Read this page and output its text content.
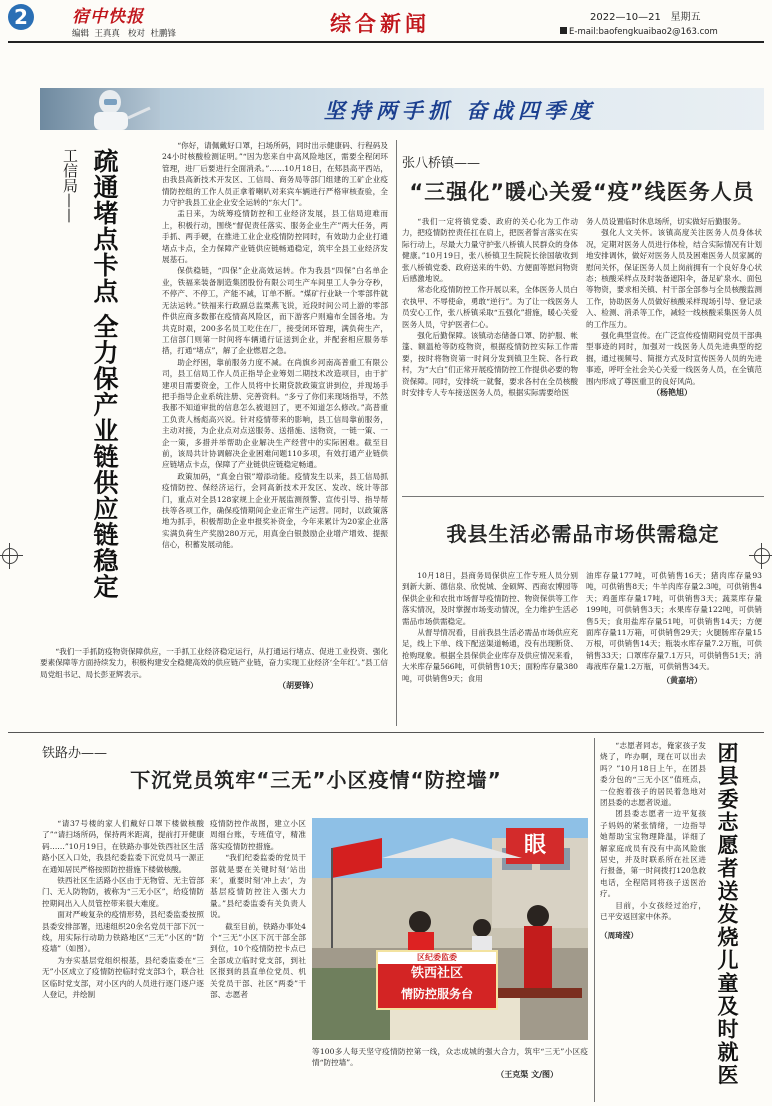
2	宿中快报
编辑 王真真 校对 杜鹏锋	综合新闻	2022—10—21 星期五
E-mail:baofengkuaibao2@163.com
坚持两手抓 奋战四季度
工信局—— 疏通堵点卡点 全力保产业链供应链稳定

“你好，请佩戴好口罩，扫场所码，同时出示健康码、行程码及24小时核酸检测证明。”“因为您来自中高风险地区，需要全程闭环管理，进厂后要进行全面消杀。”……10月18日，在郏县高平西站，由我县高新技术开发区、工信局、商务局等部门组建的工矿企业疫情防控组的工作人员正拿着喇叭对来宾车辆进行严格审核查验，全力守护我县工业企业安全运转的“东大门”。

盂日来，为统筹疫情防控和工业经济发展，县工信局迎难而上，积极行动，围绕“督促责任落实、服务企业生产”两大任务，两手抓、两手硬，在推进工业企业疫情防控同时，有效助力企业打通堵点卡点，全力保障产业链供应链畅通稳定，筑牢全县工业经济发展基石。

保供稳链，“四保”企业高效运转。作为我县“四保”白名单企业，铁福来装备制造集团股份有限公司生产车间里工人争分夺秒，不停产、不停工，产能不减，订单不断。“煤矿行业缺一个零部件就无法运转。”铁福来行政副总监栗燕飞说，近段时间公司上游的零部件供应商多数都在疫情高风险区，而下游客户则遍布全国各地。为共克时艰，200多名员工吃住在厂，接受闭环管理，满负荷生产，工信部门则第一时间将车辆通行证送到企业，并配套相应服务举措，打通“堵点”，解了企业燃眉之急。

助企纾困，靠前服务力度不减。在尚旗乡河南高普重工有限公司，县工信局工作人员正指导企业筹划二期技术改造项目，由于扩建项目需要资金，工作人员将中长期贷款政策宣讲到位，并现场手把手指导企业系统注册、完善资料。“多亏了你们来现场指导，不然我都不知道审批的信息怎么被退回了，更不知道怎么修改。”高普重工负责人杨彪高兴说。针对疫情带来的影响，县工信局靠前服务，主动对接，为企业点对点送服务、送措施、送物资，一链一策、一企一策，多措并举帮助企业解决生产经营中的实际困难。截至目前，该局共计协调解决企业困难问题110多项，有效打通产业链供应链堵点卡点，保障了产业链供应链稳定畅通。

政策加码，“真金白银”增添动能。疫情发生以来，县工信局抓疫情防控、保经济运行，会同高新技术开发区、发改、统计等部门，重点对全县128家规上企业开展监测预警、宣传引导、指导帮扶等各项工作，确保疫情期间企业正常生产运营。同时，以政策落地为抓手，积极帮助企业申报奖补资金，今年来累计为20家企业落实满负荷生产奖励280万元，用真金白银鼓励企业增产增效、提振信心，积蓄发展动能。

“我们一手抓防疫物资保障供应，一手抓工业经济稳定运行，从打通运行堵点、促进工业投资、强化要素保障等方面持续发力，积极构建安全稳健高效的供应链产业链，奋力实现工业经济‘全年红’。”县工信局党组书记、局长彭亚辉表示。

（胡要锋）
张八桥镇——
“三强化”暖心关爱“疫”线医务人员

“我们一定将镇党委、政府的关心化为工作动力，把疫情防控责任扛在肩上，把医者誓言落实在实际行动上，尽最大力量守护张八桥镇人民群众的身体健康。”10月19日，张八桥镇卫生院院长徐国敏收到张八桥镇党委、政府送来的牛奶、方便面等慰问物资后感激地说。

常态化疫情防控工作开展以来，全体医务人员白衣执甲、不辱使命，勇敢“逆行”。为了让一线医务人员安心工作，张八桥镇采取“五强化”措施，暖心关爱医务人员，守护医者仁心。

强化后勤保障。该镇动态储备口罩、防护服、帐篷、额温枪等防疫物资，根据疫情防控实际工作需要，按时将物资第一时间分发到镇卫生院、各行政村，为“大白”们正常开展疫情防控工作提供必要的物资保障。同时，安排统一就餐，要求各村在全员核酸时安排专人专车接送医务人员，根据实际需要给医

务人员设置临时休息场所，切实做好后勤服务。

强化人文关怀。该镇高度关注医务人员身体状况，定期对医务人员进行体检，结合实际情况有计划地安排调休，做好对医务人员及困难医务人员家属的慰问关怀，保证医务人员上岗前拥有一个良好身心状态；核酸采样点及时装备遮阳伞，备足矿泉水、面包等物资，要求相关镇、村干部全部参与全员核酸监测工作，协助医务人员做好核酸采样现场引导、登记录入、检测、消杀等工作，减轻一线核酸采集医务人员的工作压力。

强化典型宣传。在广泛宣传疫情期间党员干部典型事迹的同时，加强对一线医务人员先进典型的挖掘，通过视频号、简报方式及时宣传医务人员的先进事迹，呼吁全社会关心关爱一线医务人员，在全镇范围内形成了尊医重卫的良好风尚。

（杨艳旭）
我县生活必需品市场供需稳定

10月18日，县商务局保供应工作专班人员分别到新大新、德信泉、欣悦城、金硕辉、西商农博园等保供企业和农批市场督导疫情防控、物资保供等工作落实情况，及时掌握市场变动情况，全力维护生活必需品市场供需稳定。

从督导情况看，目前我县生活必需品市场供应充足，线上下单、线下配送渠道畅通，没有出现断货、抢购现象。根据全县保供企业库存及供应情况来看，大米库存量566吨，可供销售10天；面粉库存量380吨，可供销售9天；食用

油库存量177吨，可供销售16天；猪肉库存量93吨，可供销售8天；牛羊肉库存量2.3吨，可供销售4天；鸡蛋库存量17吨，可供销售3天；蔬菜库存量199吨，可供销售3天；水果库存量122吨，可供销售5天；食用盐库存量51吨，可供销售14天；方便面库存量11万箱，可供销售29天；火腿肠库存量15万根，可供销售14天；瓶装水库存量7.2万瓶，可供销售33天；口罩库存量7.1万只，可供销售51天；消毒液库存量1.2万瓶，可供销售34天。

（黄嘉培）
铁路办——
下沉党员筑牢“三无”小区疫情“防控墙”

“请37号楼的家人们戴好口罩下楼做核酸了”“请扫场所码，保持两米距离，提前打开健康码……”10月19日，在铁路办事处铁西社区生活路小区入口处，我县纪委监委下沉党员马一源正在通知居民严格按照防控措施下楼做核酸。

铁西社区生活路小区由于无物管、无主管部门、无人防物防，被称为“三无小区”，给疫情防控期间出入人员管控带来很大难度。

面对严峻复杂的疫情形势，县纪委监委按照县委安排部署，迅速组织20余名党员干部下沉一线，用实际行动助力铁路地区“三无”小区的“防疫墙”（如图）。

为夯实基层党组织根基，县纪委监委在“三无”小区成立了疫情防控临时党支部3个，联合社区临时党支部，对小区内的人员进行逐门逐户逐人登记，并绘制

疫情防控作战图，建立小区周细台账，专班值守，精准落实疫情防控措施。

“我们纪委监委的党员干部就是要在关键时刻‘站出来’，重要时刻‘冲上去’，为基层疫情防控注入强大力量。”县纪委监委有关负责人说。

截至目前，铁路办事处4个“三无”小区下沉干部全部到位，10个疫情防控卡点已全部成立临时党支部，到社区报到的县直单位党员、机关党员干部、社区“两委”干部、志愿者

眼
区纪委监委
铁西社区
情防控服务台

等100多人每天坚守疫情防控第一线，众志成城的强大合力，筑牢“三无”小区疫情“防控墙”。

（王克渠 文/图）

“志愿者同志，俺家孩子发烧了，咋办啊，现在可以出去吗？”10月18日上午，在团县委分包的“三无小区”值班点，一位抱着孩子的居民着急地对团县委的志愿者说道。

团县委志愿者一边平复孩子妈妈的紧张情绪，一边指导她帮助宝宝物理降温，详细了解家庭成员有没有中高风险旅居史，并及时联系所在社区进行报备，第一时间拨打120急救电话，全程陪同将孩子送医治疗。

目前，小女孩经过治疗，已平安返回家中休养。

（周琦滢）	团县委志愿者送发烧儿童及时就医
